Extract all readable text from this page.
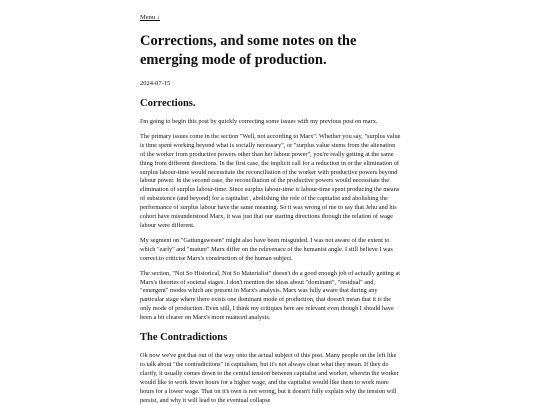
Menu ↓
Corrections, and some notes on the emerging mode of production.
2024-07-15
Corrections.

I'm going to begin this post by quickly correcting some issues with my previous post on marx.

The primary issues come in the section "Well, not according to Marx". Whether you say, "surplus value is time spent working beyond what is socially necessary", or "surplus value stems from the alienation of the worker from productive powers other than her labour power", you're really getting at the same thing from different directions. In the first case, the implicit call for a reduction in or the elimination of surplus labour-time would necessitate the reconciliation of the worker with productive powers beyond labour power. In the second case, the reconciliation of the productive powers would necessitate the elimination of surplus labour-time. Since surplus labour-time is labour-time spent producing the means of subsistence (and beyond) for a capitalist , abolishing the role of the capitalist and abolishing the performance of surplus labour have the same meaning. So it was wrong of me to say that Jehu and his cohort have misunderstood Marx, it was just that our starting directions through the relation of wage labour were different.

My segment on "Gattungswesen" might also have been misguided. I was not aware of the extent to which "early" and "mature" Marx differ on the relevenace of the humanist angle. I still believe I was correct to criticise Marx's construction of the human subject.

The section, "Not So Historical, Not So Materialist" doesn't do a good enough job of actually getting at Marx's theories of societal stages. I don't mention the ideas about "dominant", "residual" and, "emergent" modes which are present in Marx's analysis. Marx was fully aware that during any particular stage where there exists one dominant mode of production, that doesn't mean that it is the only mode of production. Even still, I think my critiques here are relevant even though I should have been a bit clearer on Marx's more nuanced analysis.

The Contradictions

Ok now we've got that out of the way onto the actual subject of this post. Many people on the left like to talk about "the contradictions" in capitalism, but it's not always clear what they mean. If they do clarify, it usually comes down to the central tension between capitalist and worker, wherein the worker would like to work fewer hours for a higher wage, and the capitalist would like them to work more hours for a lower wage. That on it's own is not wrong, but it doesn't fully explain why the tension will persist, and why it will lead to the eventual collapse
